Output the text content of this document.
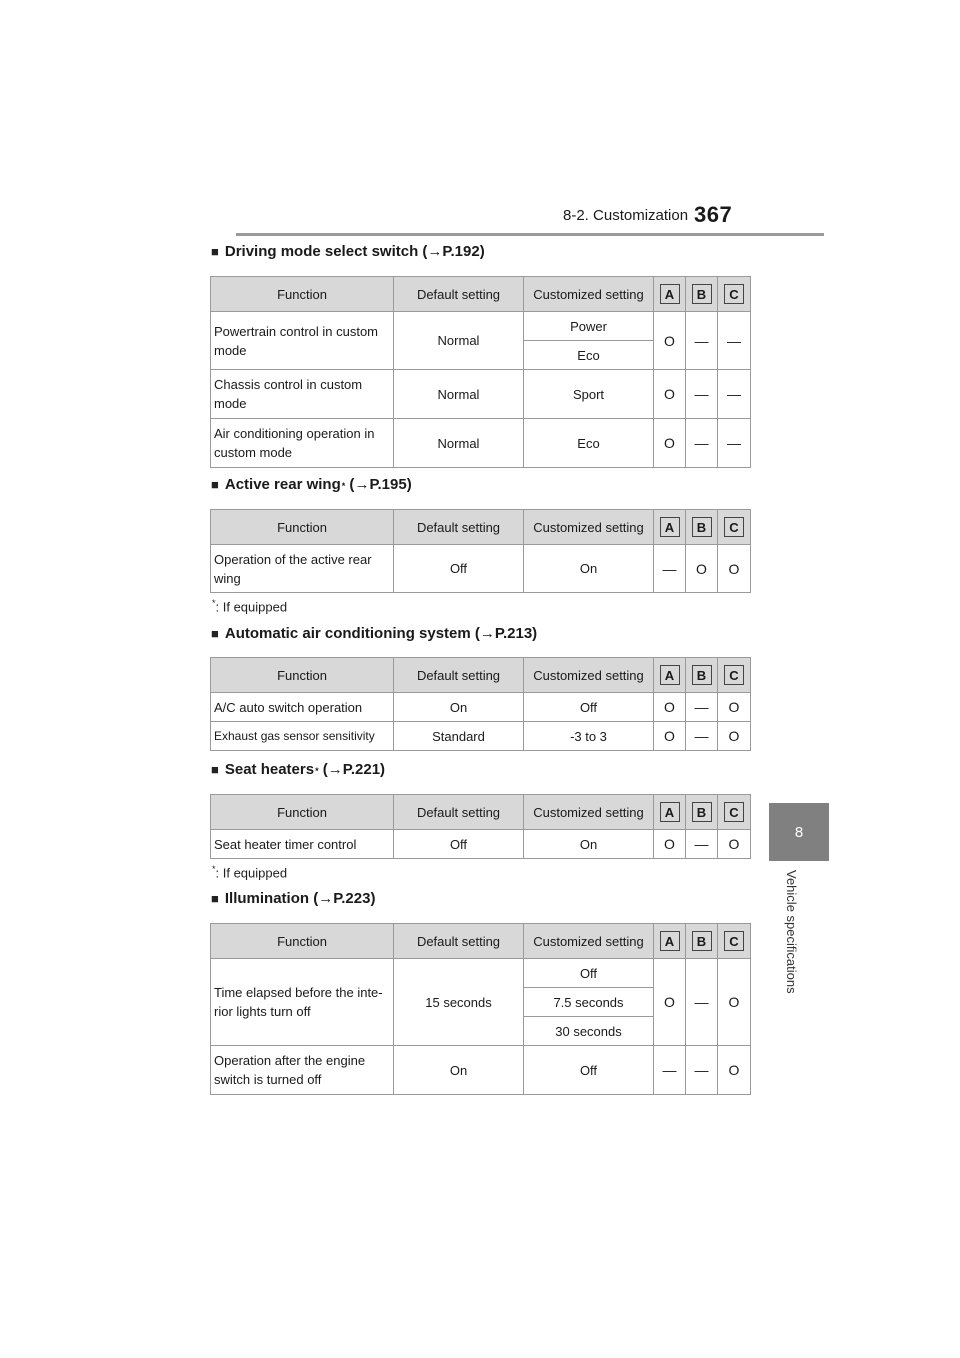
8-2. Customization 367
8
Vehicle specifications
■ Driving mode select switch ( → P.192)
Function	Default setting	Customized setting	A	B	C
Powertrain control in custom mode	Normal	Power	O	—	—
		Eco			
Chassis control in custom mode	Normal	Sport	O	—	—
Air conditioning operation in custom mode	Normal	Eco	O	—	—
■ Active rear wing * ( → P.195)
Function	Default setting	Customized setting	A	B	C
Operation of the active rear wing	Off	On	—	O	O
*: If equipped
■ Automatic air conditioning system ( → P.213)
Function	Default setting	Customized setting	A	B	C
A/C auto switch operation	On	Off	O	—	O
Exhaust gas sensor sensitivity	Standard	-3 to 3	O	—	O
■ Seat heaters * ( → P.221)
Function	Default setting	Customized setting	A	B	C
Seat heater timer control	Off	On	O	—	O
*: If equipped
■ Illumination ( → P.223)
Function	Default setting	Customized setting	A	B	C
Time elapsed before the inte-rior lights turn off	15 seconds	Off	O	—	O
		7.5 seconds			
		30 seconds			
Operation after the engine switch is turned off	On	Off	—	—	O
